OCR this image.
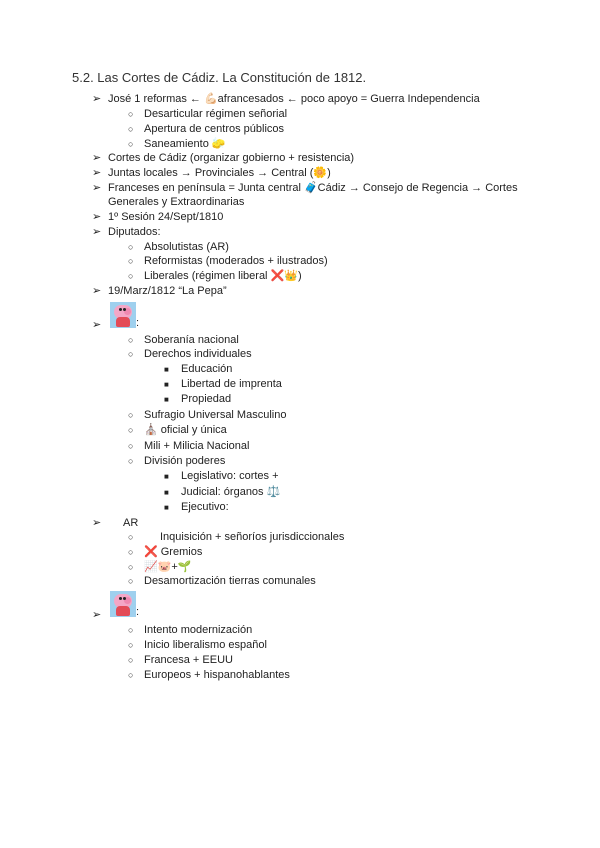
5.2. Las Cortes de Cádiz. La Constitución de 1812.
➢ José 1 reformas ← 💪🏻afrancesados ← poco apoyo = Guerra Independencia
○ Desarticular régimen señorial
○ Apertura de centros públicos
○ Saneamiento 🧽
➢ Cortes de Cádiz (organizar gobierno + resistencia)
➢ Juntas locales → Provinciales → Central (🌼)
➢ Franceses en península = Junta central 🧳Cádiz → Consejo de Regencia → Cortes
Generales y Extraordinarias
➢ 1º Sesión 24/Sept/1810
➢ Diputados:
○ Absolutistas (AR)
○ Reformistas (moderados + ilustrados)
○ Liberales (régimen liberal ❌👑)
➢ 19/Marz/1812 “La Pepa”
➢	:
○ Soberanía nacional
○ Derechos individuales
■ Educación
■ Libertad de imprenta
■ Propiedad
○ Sufragio Universal Masculino
○ ⛪ oficial y única
○ Mili + Milicia Nacional
○ División poderes
■ Legislativo: cortes +
■ Judicial: órganos ⚖️
■ Ejecutivo:
➢ AR
○ Inquisición + señoríos jurisdiccionales
○ ❌ Gremios
○ 📈🐷+🌱
○ Desamortización tierras comunales
➢	:
○ Intento modernización
○ Inicio liberalismo español
○ Francesa + EEUU
○ Europeos + hispanohablantes
